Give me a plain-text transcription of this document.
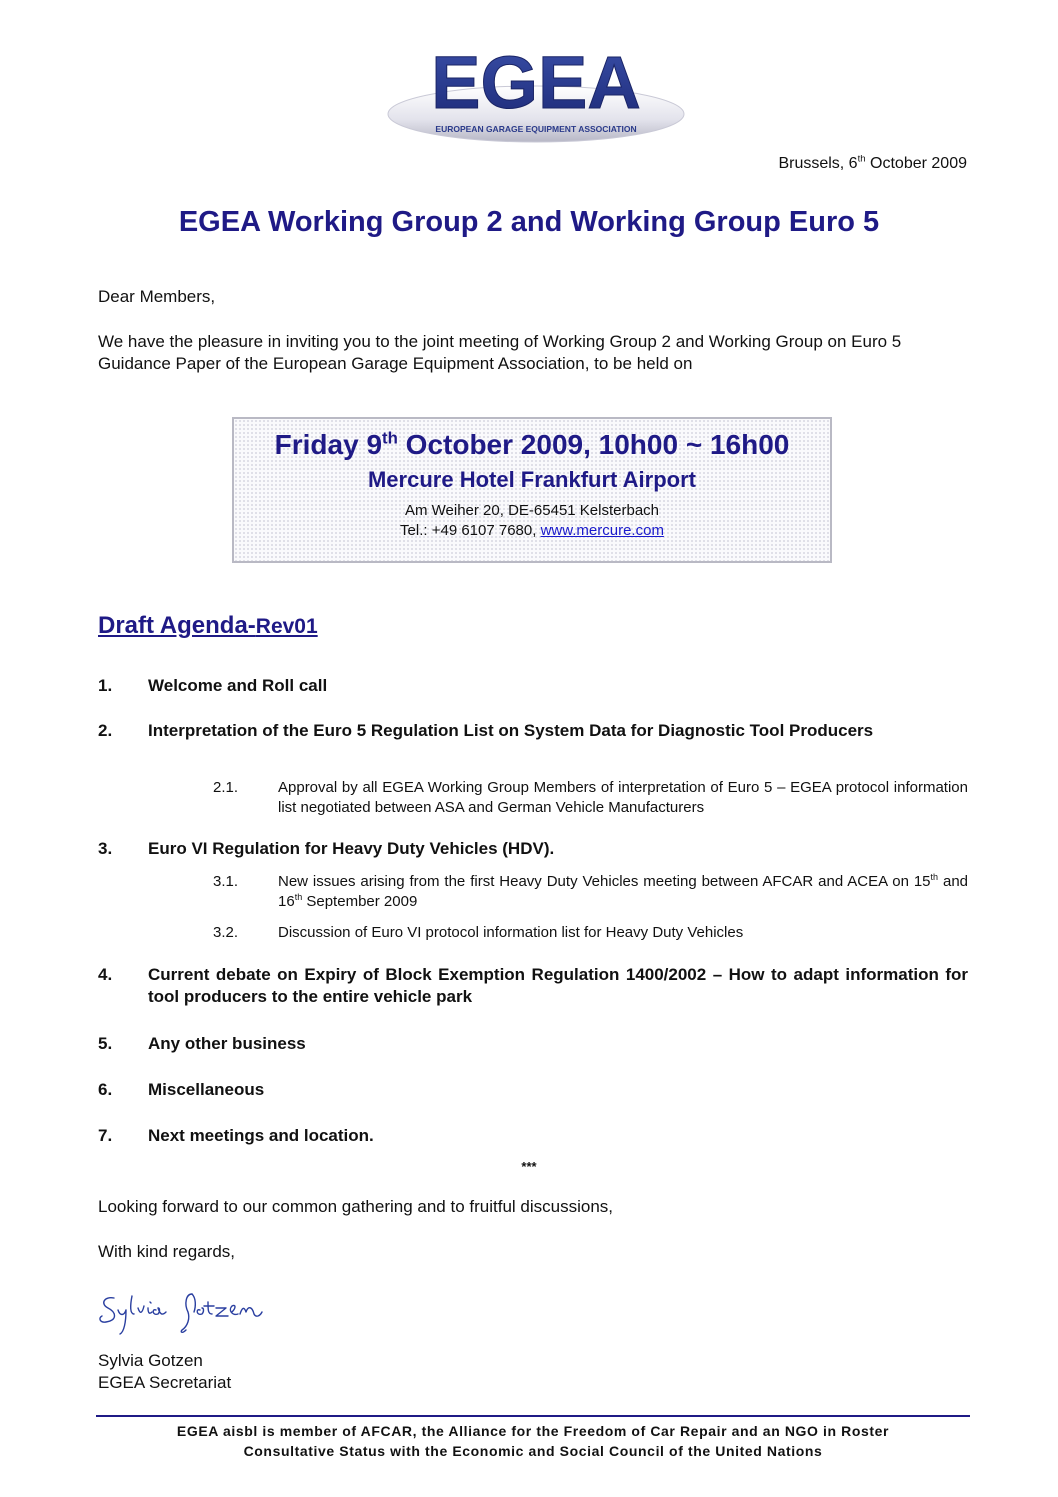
EGEA
EUROPEAN GARAGE EQUIPMENT ASSOCIATION
Brussels, 6th October 2009
EGEA Working Group 2 and Working Group Euro 5
Dear Members,
We have the pleasure in inviting you to the joint meeting of Working Group 2 and Working Group on Euro 5 Guidance Paper of the European Garage Equipment Association, to be held on
Friday 9th October 2009, 10h00 ~ 16h00
Mercure Hotel Frankfurt Airport
Am Weiher 20, DE-65451 Kelsterbach
Tel.: +49 6107 7680, www.mercure.com
Draft Agenda-Rev01
1.	Welcome and Roll call
2.	Interpretation of the Euro 5 Regulation List on System Data for Diagnostic Tool Producers
2.1.	Approval by all EGEA Working Group Members of interpretation of Euro 5 – EGEA protocol information list negotiated between ASA and German Vehicle Manufacturers
3.	Euro VI Regulation for Heavy Duty Vehicles (HDV).
3.1.	New issues arising from the first Heavy Duty Vehicles meeting between AFCAR and ACEA on 15th and 16th September 2009
3.2.	Discussion of Euro VI protocol information list for Heavy Duty Vehicles
4.	Current debate on Expiry of Block Exemption Regulation 1400/2002 – How to adapt information for tool producers to the entire vehicle park
5.	Any other business
6.	Miscellaneous
7.	Next meetings and location.
***
Looking forward to our common gathering and to fruitful discussions,
With kind regards,
Sylvia Gotzen
EGEA Secretariat
EGEA aisbl is member of AFCAR, the Alliance for the Freedom of Car Repair and an NGO in Roster
Consultative Status with the Economic and Social Council of the United Nations
